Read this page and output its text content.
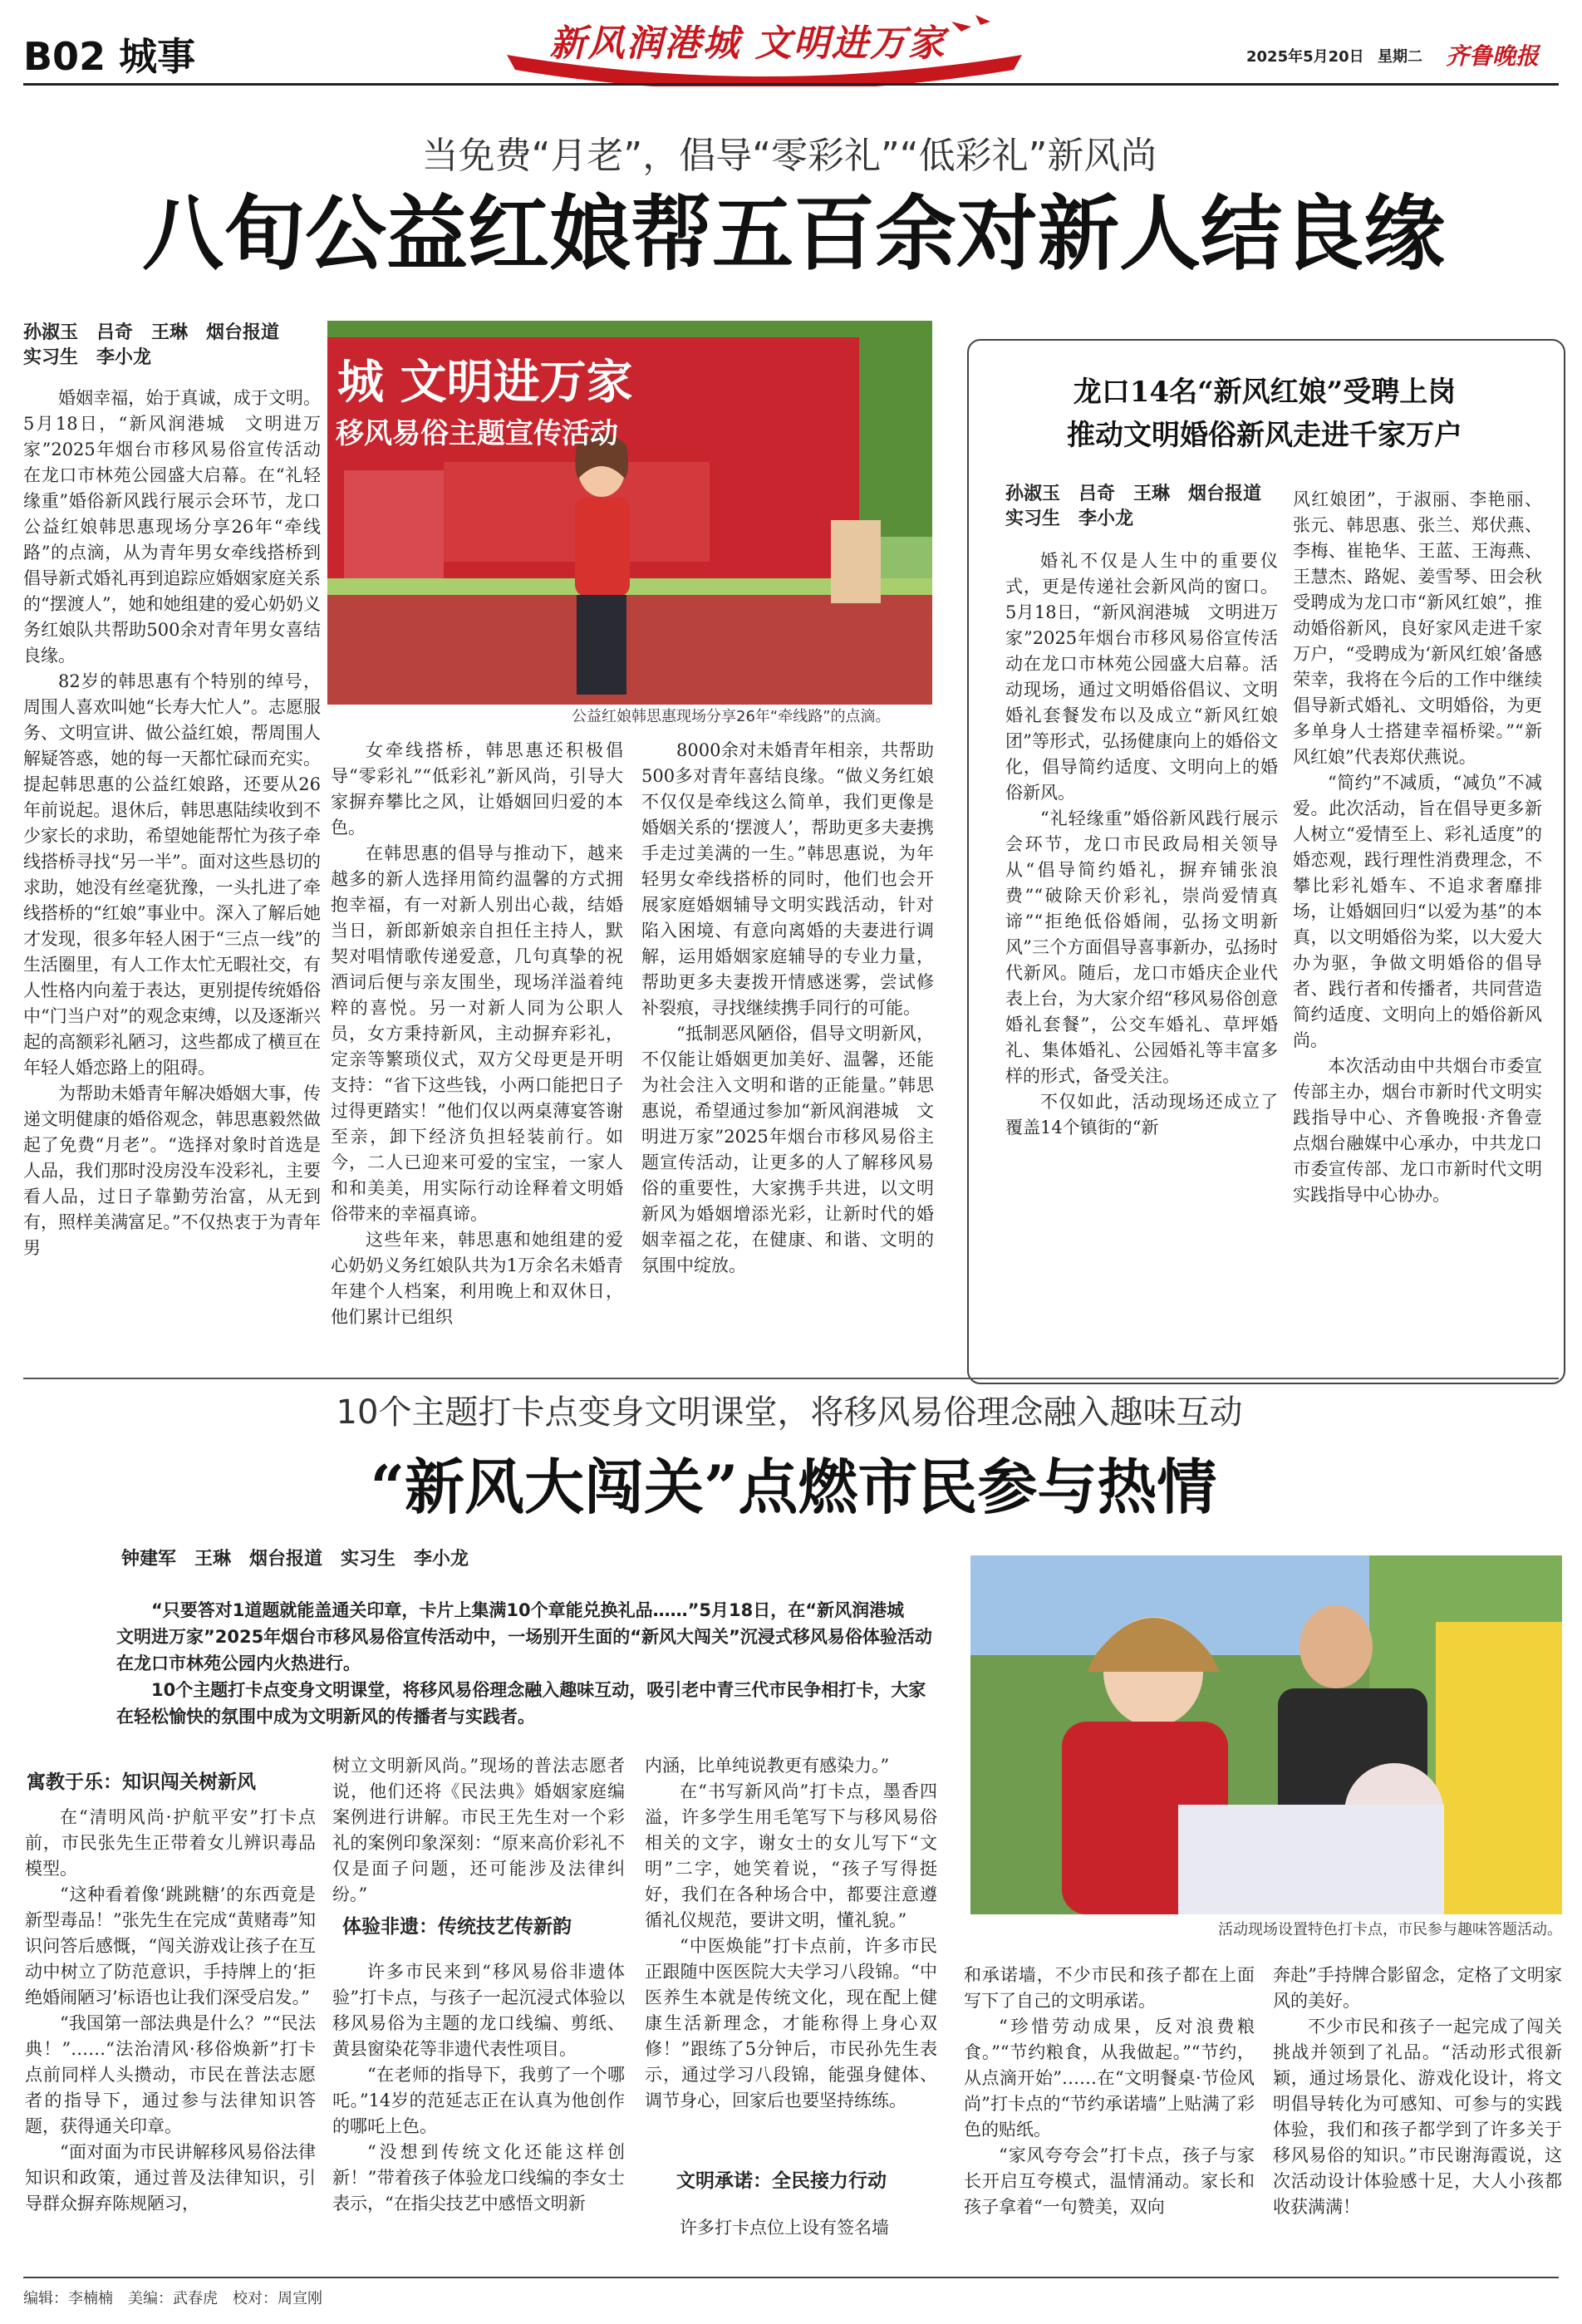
B02 城事	新风润港城 文明进万家	2025年5月20日 星期二 齐鲁晚报
当免费“月老”，倡导“零彩礼”“低彩礼”新风尚
八旬公益红娘帮五百余对新人结良缘
孙淑玉　吕奇　王琳　烟台报道
实习生　李小龙	城 文明进万家
移风易俗主题宣传活动
公益红娘韩思惠现场分享26年“牵线路”的点滴。

婚姻幸福，始于真诚，成于文明。5月18日，“新风润港城　文明进万家”2025年烟台市移风易俗宣传活动在龙口市林苑公园盛大启幕。在“礼轻缘重”婚俗新风践行展示会环节，龙口公益红娘韩思惠现场分享26年“牵线路”的点滴，从为青年男女牵线搭桥到倡导新式婚礼再到追踪应婚姻家庭关系的“摆渡人”，她和她组建的爱心奶奶义务红娘队共帮助500余对青年男女喜结良缘。

82岁的韩思惠有个特别的绰号，周围人喜欢叫她“长寿大忙人”。志愿服务、文明宣讲、做公益红娘，帮周围人解疑答惑，她的每一天都忙碌而充实。提起韩思惠的公益红娘路，还要从26年前说起。退休后，韩思惠陆续收到不少家长的求助，希望她能帮忙为孩子牵线搭桥寻找“另一半”。面对这些恳切的求助，她没有丝毫犹豫，一头扎进了牵线搭桥的“红娘”事业中。深入了解后她才发现，很多年轻人困于“三点一线”的生活圈里，有人工作太忙无暇社交，有人性格内向羞于表达，更别提传统婚俗中“门当户对”的观念束缚，以及逐渐兴起的高额彩礼陋习，这些都成了横亘在年轻人婚恋路上的阻碍。

为帮助未婚青年解决婚姻大事，传递文明健康的婚俗观念，韩思惠毅然做起了免费“月老”。“选择对象时首选是人品，我们那时没房没车没彩礼，主要看人品，过日子靠勤劳治富，从无到有，照样美满富足。”不仅热衷于为青年男

女牵线搭桥，韩思惠还积极倡导“零彩礼”“低彩礼”新风尚，引导大家摒弃攀比之风，让婚姻回归爱的本色。

在韩思惠的倡导与推动下，越来越多的新人选择用简约温馨的方式拥抱幸福，有一对新人别出心裁，结婚当日，新郎新娘亲自担任主持人，默契对唱情歌传递爱意，几句真挚的祝酒词后便与亲友围坐，现场洋溢着纯粹的喜悦。另一对新人同为公职人员，女方秉持新风，主动摒弃彩礼，定亲等繁琐仪式，双方父母更是开明支持：“省下这些钱，小两口能把日子过得更踏实！”他们仅以两桌薄宴答谢至亲，卸下经济负担轻装前行。如今，二人已迎来可爱的宝宝，一家人和和美美，用实际行动诠释着文明婚俗带来的幸福真谛。

这些年来，韩思惠和她组建的爱心奶奶义务红娘队共为1万余名未婚青年建个人档案，利用晚上和双休日，他们累计已组织

8000余对未婚青年相亲，共帮助500多对青年喜结良缘。“做义务红娘不仅仅是牵线这么简单，我们更像是婚姻关系的‘摆渡人’，帮助更多夫妻携手走过美满的一生。”韩思惠说，为年轻男女牵线搭桥的同时，他们也会开展家庭婚姻辅导文明实践活动，针对陷入困境、有意向离婚的夫妻进行调解，运用婚姻家庭辅导的专业力量，帮助更多夫妻拨开情感迷雾，尝试修补裂痕，寻找继续携手同行的可能。

“抵制恶风陋俗，倡导文明新风，不仅能让婚姻更加美好、温馨，还能为社会注入文明和谐的正能量。”韩思惠说，希望通过参加“新风润港城　文明进万家”2025年烟台市移风易俗主题宣传活动，让更多的人了解移风易俗的重要性，大家携手共进，以文明新风为婚姻增添光彩，让新时代的婚姻幸福之花，在健康、和谐、文明的氛围中绽放。

龙口14名“新风红娘”受聘上岗
推动文明婚俗新风走进千家万户
孙淑玉　吕奇　王琳　烟台报道
实习生　李小龙

婚礼不仅是人生中的重要仪式，更是传递社会新风尚的窗口。5月18日，“新风润港城　文明进万家”2025年烟台市移风易俗宣传活动在龙口市林苑公园盛大启幕。活动现场，通过文明婚俗倡议、文明婚礼套餐发布以及成立“新风红娘团”等形式，弘扬健康向上的婚俗文化，倡导简约适度、文明向上的婚俗新风。

“礼轻缘重”婚俗新风践行展示会环节，龙口市民政局相关领导从“倡导简约婚礼，摒弃铺张浪费”“破除天价彩礼，崇尚爱情真谛”“拒绝低俗婚闹，弘扬文明新风”三个方面倡导喜事新办，弘扬时代新风。随后，龙口市婚庆企业代表上台，为大家介绍“移风易俗创意婚礼套餐”，公交车婚礼、草坪婚礼、集体婚礼、公园婚礼等丰富多样的形式，备受关注。

不仅如此，活动现场还成立了覆盖14个镇街的“新

风红娘团”，于淑丽、李艳丽、张元、韩思惠、张兰、郑伏燕、李梅、崔艳华、王蓝、王海燕、王慧杰、路妮、姜雪琴、田会秋受聘成为龙口市“新风红娘”，推动婚俗新风，良好家风走进千家万户，“受聘成为‘新风红娘’备感荣幸，我将在今后的工作中继续倡导新式婚礼、文明婚俗，为更多单身人士搭建幸福桥梁。”“新风红娘”代表郑伏燕说。

“简约”不减质，“减负”不减爱。此次活动，旨在倡导更多新人树立“爱情至上、彩礼适度”的婚恋观，践行理性消费理念，不攀比彩礼婚车、不追求奢靡排场，让婚姻回归“以爱为基”的本真，以文明婚俗为桨，以大爱大办为驱，争做文明婚俗的倡导者、践行者和传播者，共同营造简约适度、文明向上的婚俗新风尚。

本次活动由中共烟台市委宣传部主办，烟台市新时代文明实践指导中心、齐鲁晚报·齐鲁壹点烟台融媒中心承办，中共龙口市委宣传部、龙口市新时代文明实践指导中心协办。

10个主题打卡点变身文明课堂，将移风易俗理念融入趣味互动
“新风大闯关”点燃市民参与热情
钟建军　王琳　烟台报道　实习生　李小龙

“只要答对1道题就能盖通关印章，卡片上集满10个章能兑换礼品……”5月18日，在“新风润港城　文明进万家”2025年烟台市移风易俗宣传活动中，一场别开生面的“新风大闯关”沉浸式移风易俗体验活动在龙口市林苑公园内火热进行。

10个主题打卡点变身文明课堂，将移风易俗理念融入趣味互动，吸引老中青三代市民争相打卡，大家在轻松愉快的氛围中成为文明新风的传播者与实践者。

活动现场设置特色打卡点，市民参与趣味答题活动。
寓教于乐：知识闯关树新风

在“清明风尚·护航平安”打卡点前，市民张先生正带着女儿辨识毒品模型。

“这种看着像‘跳跳糖’的东西竟是新型毒品！”张先生在完成“黄赌毒”知识问答后感慨，“闯关游戏让孩子在互动中树立了防范意识，手持牌上的‘拒绝婚闹陋习’标语也让我们深受启发。”

“我国第一部法典是什么？”“民法典！”……“法治清风·移俗焕新”打卡点前同样人头攒动，市民在普法志愿者的指导下，通过参与法律知识答题，获得通关印章。

“面对面为市民讲解移风易俗法律知识和政策，通过普及法律知识，引导群众摒弃陈规陋习，

树立文明新风尚。”现场的普法志愿者说，他们还将《民法典》婚姻家庭编案例进行讲解。市民王先生对一个彩礼的案例印象深刻：“原来高价彩礼不仅是面子问题，还可能涉及法律纠纷。”

体验非遗：传统技艺传新韵

许多市民来到“移风易俗非遗体验”打卡点，与孩子一起沉浸式体验以移风易俗为主题的龙口线编、剪纸、黄县窗染花等非遗代表性项目。

“在老师的指导下，我剪了一个哪吒。”14岁的范延志正在认真为他创作的哪吒上色。

“没想到传统文化还能这样创新！”带着孩子体验龙口线编的李女士表示，“在指尖技艺中感悟文明新

内涵，比单纯说教更有感染力。”

在“书写新风尚”打卡点，墨香四溢，许多学生用毛笔写下与移风易俗相关的文字，谢女士的女儿写下“文明”二字，她笑着说，“孩子写得挺好，我们在各种场合中，都要注意遵循礼仪规范，要讲文明，懂礼貌。”

“中医焕能”打卡点前，许多市民正跟随中医医院大夫学习八段锦。“中医养生本就是传统文化，现在配上健康生活新理念，才能称得上身心双修！”跟练了5分钟后，市民孙先生表示，通过学习八段锦，能强身健体、调节身心，回家后也要坚持练练。

文明承诺：全民接力行动

许多打卡点位上设有签名墙

和承诺墙，不少市民和孩子都在上面写下了自己的文明承诺。

“珍惜劳动成果，反对浪费粮食。”“节约粮食，从我做起。”“节约，从点滴开始”……在“文明餐桌·节俭风尚”打卡点的“节约承诺墙”上贴满了彩色的贴纸。

“家风夸夸会”打卡点，孩子与家长开启互夸模式，温情涌动。家长和孩子拿着“一句赞美，双向

奔赴”手持牌合影留念，定格了文明家风的美好。

不少市民和孩子一起完成了闯关挑战并领到了礼品。“活动形式很新颖，通过场景化、游戏化设计，将文明倡导转化为可感知、可参与的实践体验，我们和孩子都学到了许多关于移风易俗的知识。”市民谢海霞说，这次活动设计体验感十足，大人小孩都收获满满！

编辑：李楠楠　美编：武春虎　校对：周宣刚
